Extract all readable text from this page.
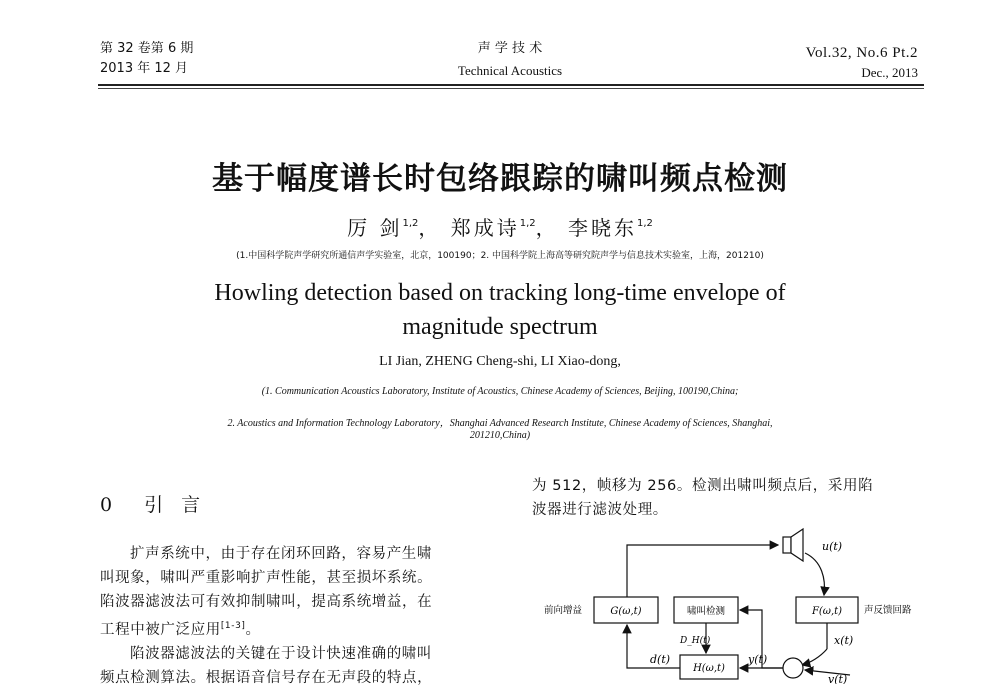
第 32 卷第 6 期
2013 年 12 月
声 学 技 术
Technical Acoustics
Vol.32, No.6 Pt.2
Dec., 2013
基于幅度谱长时包络跟踪的啸叫频点检测
厉 剑$^{1,2}$， 郑成诗$^{1,2}$， 李晓东$^{1,2}$
(1.中国科学院声学研究所通信声学实验室，北京，100190；2. 中国科学院上海高等研究院声学与信息技术实验室，上海，201210)
Howling detection based on tracking long-time envelope of
magnitude spectrum
LI Jian, ZHENG Cheng-shi, LI Xiao-dong,
(1. Communication Acoustics Laboratory, Institute of Acoustics, Chinese Academy of Sciences, Beijing, 100190,China;
2. Acoustics and Information Technology Laboratory，Shanghai Advanced Research Institute, Chinese Academy of Sciences, Shanghai,
201210,China)
0 引 言
扩声系统中，由于存在闭环回路，容易产生啸
叫现象，啸叫严重影响扩声性能，甚至损坏系统。
陷波器滤波法可有效抑制啸叫，提高系统增益，在
工程中被广泛应用[1-3]。
陷波器滤波法的关键在于设计快速准确的啸叫
频点检测算法。根据语音信号存在无声段的特点，
为 512，帧移为 256。检测出啸叫频点后，采用陷
波器进行滤波处理。
u(t)
前向增益	G(ω,t)	啸叫检测	F(ω,t) 声反馈回路
x(t)
v(t)
y(t)
D_H(t)
H(ω,t)
d(t)
